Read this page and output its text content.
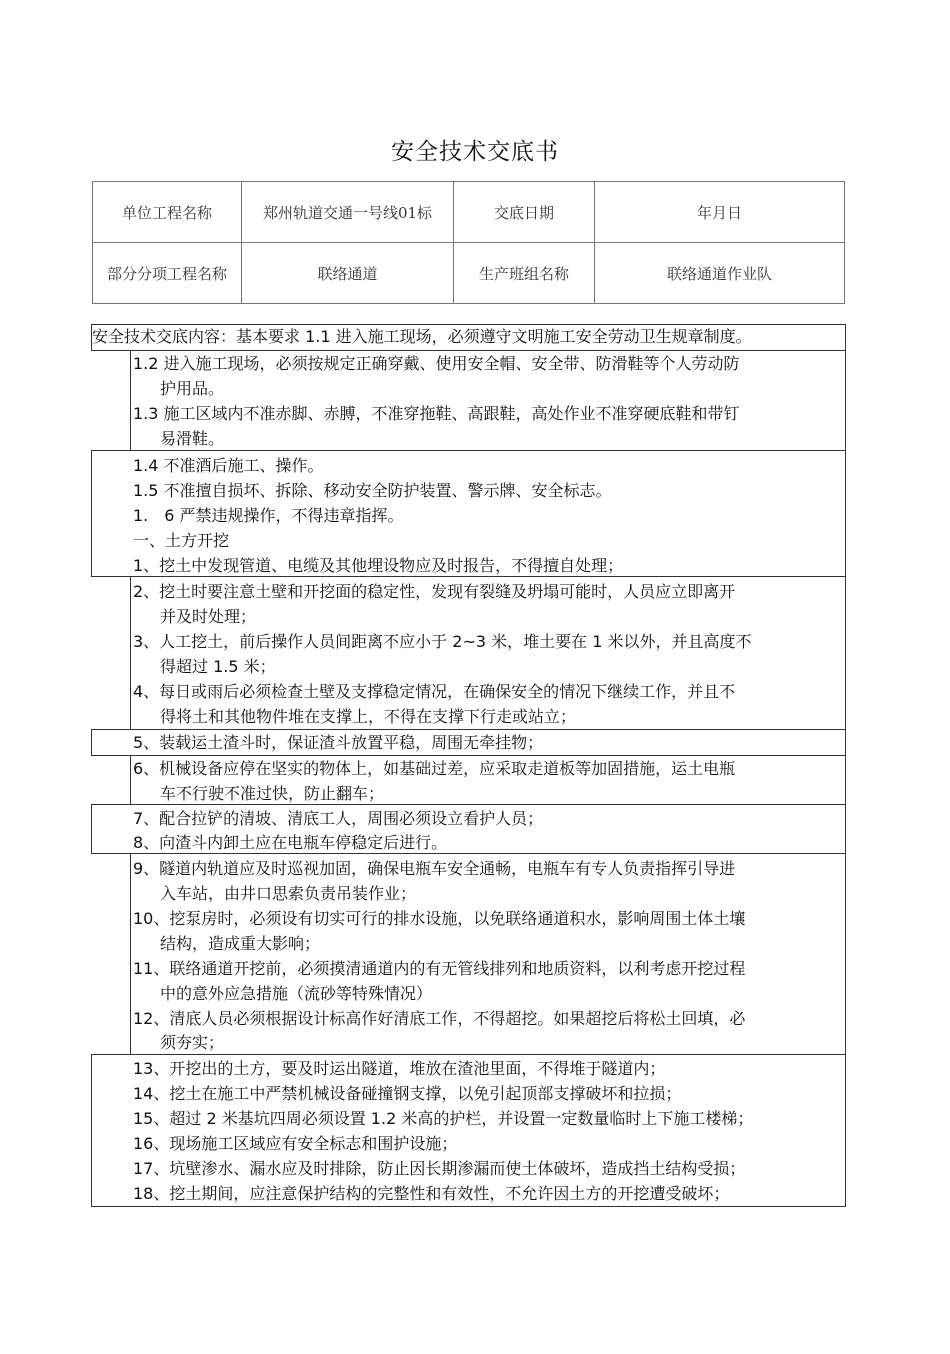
安全技术交底书
单位工程名称	郑州轨道交通一号线01标	交底日期	年月日
部分分项工程名称	联络通道	生产班组名称	联络通道作业队
安全技术交底内容：基本要求 1.1 进入施工现场，必须遵守文明施工安全劳动卫生规章制度。
1.2 进入施工现场，必须按规定正确穿戴、使用安全帽、安全带、防滑鞋等个人劳动防
护用品。
1.3 施工区域内不准赤脚、赤膊，不准穿拖鞋、高跟鞋，高处作业不准穿硬底鞋和带钉
易滑鞋。
1.4 不准酒后施工、操作。
1.5 不准擅自损坏、拆除、移动安全防护装置、警示牌、安全标志。
1.　6 严禁违规操作，不得违章指挥。
一、土方开挖
1、挖土中发现管道、电缆及其他埋设物应及时报告，不得擅自处理；
2、挖土时要注意土壁和开挖面的稳定性，发现有裂缝及坍塌可能时，人员应立即离开
并及时处理；
3、人工挖土，前后操作人员间距离不应小于 2~3 米，堆土要在 1 米以外，并且高度不
得超过 1.5 米；
4、每日或雨后必须检查土壁及支撑稳定情况，在确保安全的情况下继续工作，并且不
得将土和其他物件堆在支撑上，不得在支撑下行走或站立；
5、装载运土渣斗时，保证渣斗放置平稳，周围无牵挂物；
6、机械设备应停在坚实的物体上，如基础过差，应采取走道板等加固措施，运土电瓶
车不行驶不准过快，防止翻车；
7、配合拉铲的清坡、清底工人，周围必须设立看护人员；
8、向渣斗内卸土应在电瓶车停稳定后进行。
9、隧道内轨道应及时巡视加固，确保电瓶车安全通畅，电瓶车有专人负责指挥引导进
入车站，由井口思索负责吊装作业；
10、挖泵房时，必须设有切实可行的排水设施，以免联络通道积水，影响周围土体土壤
结构，造成重大影响；
11、联络通道开挖前，必须摸清通道内的有无管线排列和地质资料，以利考虑开挖过程
中的意外应急措施（流砂等特殊情况）
12、清底人员必须根据设计标高作好清底工作，不得超挖。如果超挖后将松土回填，必
须夯实；
13、开挖出的土方，要及时运出隧道，堆放在渣池里面，不得堆于隧道内；
14、挖土在施工中严禁机械设备碰撞钢支撑，以免引起顶部支撑破坏和拉损；
15、超过 2 米基坑四周必须设置 1.2 米高的护栏，并设置一定数量临时上下施工楼梯；
16、现场施工区域应有安全标志和围护设施；
17、坑壁渗水、漏水应及时排除，防止因长期渗漏而使土体破坏，造成挡土结构受损；
18、挖土期间，应注意保护结构的完整性和有效性，不允许因土方的开挖遭受破坏；
